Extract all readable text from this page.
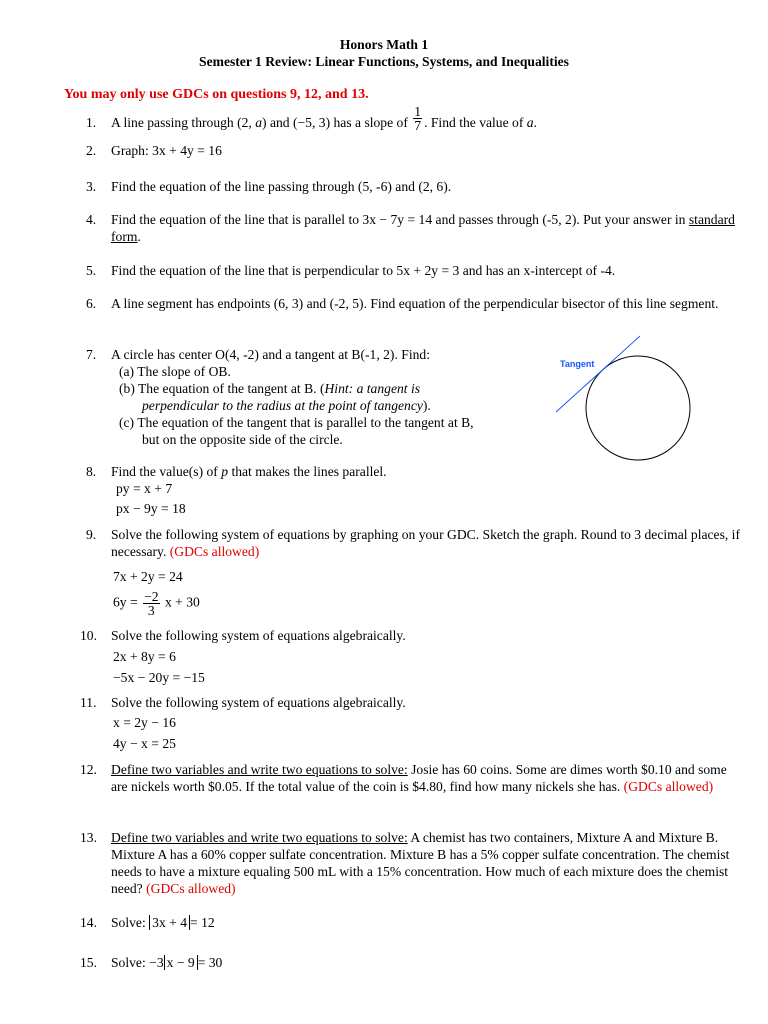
Honors Math 1
Semester 1 Review: Linear Functions, Systems, and Inequalities
You may only use GDCs on questions 9, 12, and 13.
1.	A line passing through (2, a) and (−5, 3) has a slope of $\frac{1}{7}$ . Find the value of a.
2.	Graph: 3x + 4y = 16
3.	Find the equation of the line passing through (5, -6) and (2, 6).
4.	Find the equation of the line that is parallel to 3x − 7y = 14 and passes through (-5, 2). Put your answer in standard form.
5.	Find the equation of the line that is perpendicular to 5x + 2y = 3 and has an x-intercept of -4.
6.	A line segment has endpoints (6, 3) and (-2, 5). Find equation of the perpendicular bisector of this line segment.
7.	A circle has center O(4, -2) and a tangent at B(-1, 2). Find:
(a) The slope of OB.
(b) The equation of the tangent at B. (Hint: a tangent is
perpendicular to the radius at the point of tangency).
(c) The equation of the tangent that is parallel to the tangent at B,
but on the opposite side of the circle.
Tangent
8.	Find the value(s) of p that makes the lines parallel.
py = x + 7
px − 9y = 18
9.	Solve the following system of equations by graphing on your GDC. Sketch the graph. Round to 3 decimal places, if necessary. (GDCs allowed)
7x + 2y = 24
$6y = \frac{-2}{3}$ x + 30
10.	Solve the following system of equations algebraically.
2x + 8y = 6
−5x − 20y = −15
11.	Solve the following system of equations algebraically.
x = 2y − 16
4y − x = 25
12.	Define two variables and write two equations to solve: Josie has 60 coins. Some are dimes worth $0.10 and some are nickels worth $0.05. If the total value of the coin is $4.80, find how many nickels she has. (GDCs allowed)
13.	Define two variables and write two equations to solve: A chemist has two containers, Mixture A and Mixture B. Mixture A has a 60% copper sulfate concentration. Mixture B has a 5% copper sulfate concentration. The chemist needs to have a mixture equaling 500 mL with a 15% concentration. How much of each mixture does the chemist need? (GDCs allowed)
14.	Solve: 3x + 4 = 12
15.	Solve: −3 x − 9 = 30
